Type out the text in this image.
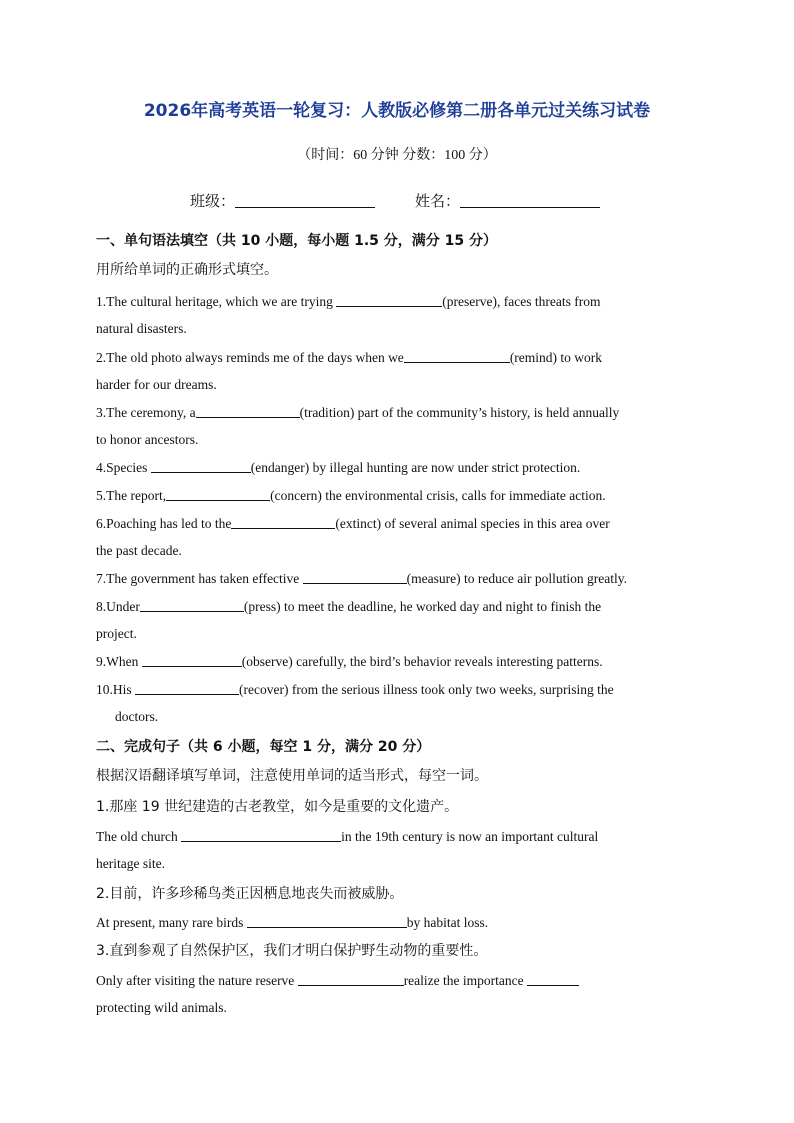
2026年高考英语一轮复习：人教版必修第二册各单元过关练习试卷
（时间：60 分钟 分数：100 分）
班级：	姓名：
一、单句语法填空（共 10 小题，每小题 1.5 分，满分 15 分）
用所给单词的正确形式填空。
1.The cultural heritage, which we are trying	(preserve), faces threats from
natural disasters.
2.The old photo always reminds me of the days when we	(remind) to work
harder for our dreams.
3.The ceremony, a	(tradition) part of the community’s history, is held annually
to honor ancestors.
4.Species	(endanger) by illegal hunting are now under strict protection.
5.The report,	(concern) the environmental crisis, calls for immediate action.
6.Poaching has led to the	(extinct) of several animal species in this area over
the past decade.
7.The government has taken effective	(measure) to reduce air pollution greatly.
8.Under	(press) to meet the deadline, he worked day and night to finish the
project.
9.When	(observe) carefully, the bird’s behavior reveals interesting patterns.
10.His	(recover) from the serious illness took only two weeks, surprising the
doctors.
二、完成句子（共 6 小题，每空 1 分，满分 20 分）
根据汉语翻译填写单词，注意使用单词的适当形式，每空一词。
1.那座 19 世纪建造的古老教堂，如今是重要的文化遗产。
The old church	in the 19th century is now an important cultural
heritage site.
2.目前，许多珍稀鸟类正因栖息地丧失而被威胁。
At present, many rare birds	by habitat loss.
3.直到参观了自然保护区，我们才明白保护野生动物的重要性。
Only after visiting the nature reserve	realize the importance
protecting wild animals.
